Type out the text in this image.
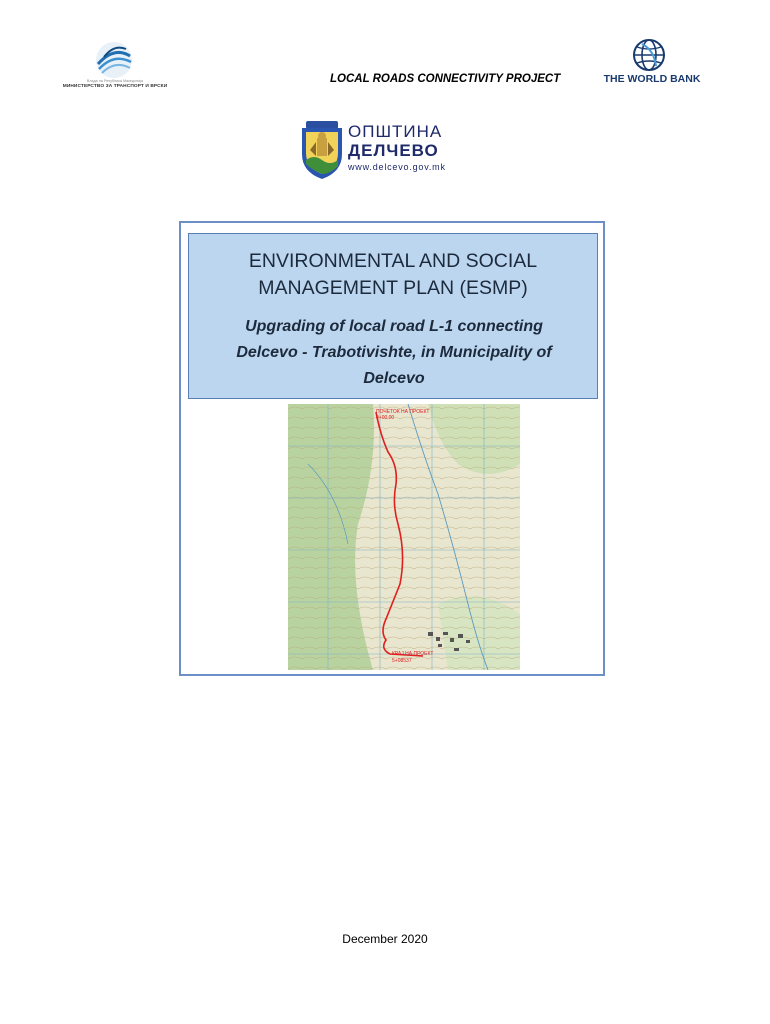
Влада на Република Македонија
МИНИСТЕРСТВО ЗА ТРАНСПОРТ И ВРСКИ
LOCAL ROADS CONNECTIVITY PROJECT	THE WORLD BANK
ОПШТИНА
ДЕЛЧЕВО
www.delcevo.gov.mk
ENVIRONMENTAL AND SOCIAL
MANAGEMENT PLAN (ESMP)
Upgrading of local road L-1 connecting
Delcevo - Trabotivishte, in Municipality of
Delcevo
ПОЧЕТОК НА ПРОЕКТ
0+00.00
КРАЈ НА ПРОЕКТ
5+08537
December 2020
